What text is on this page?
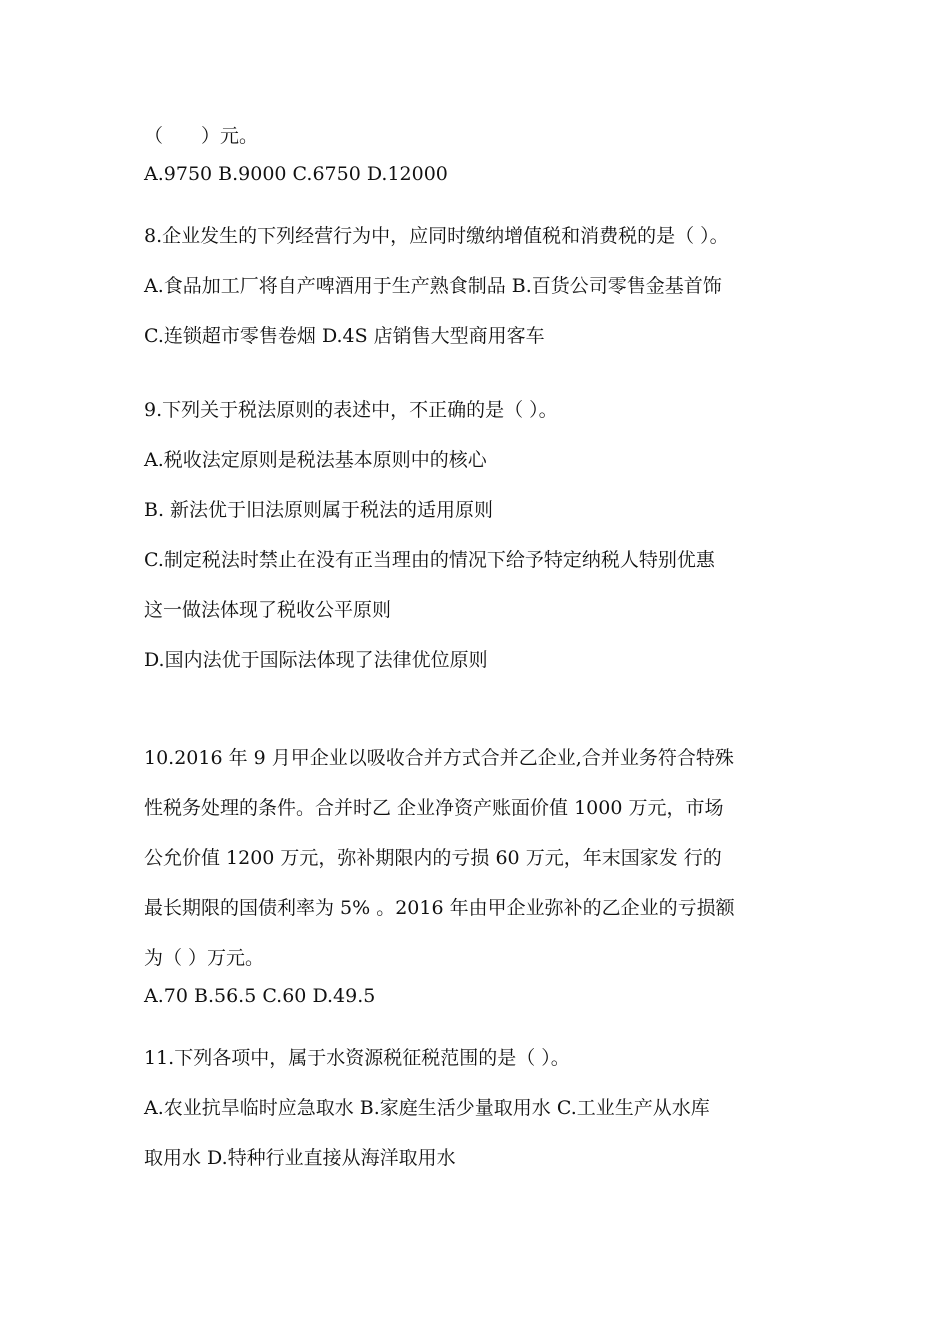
（　　）元。
A.9750 B.9000 C.6750 D.12000
8.企业发生的下列经营行为中，应同时缴纳增值税和消费税的是（ ）。
A.食品加工厂将自产啤酒用于生产熟食制品 B.百货公司零售金基首饰
C.连锁超市零售卷烟 D.4S 店销售大型商用客车
9.下列关于税法原则的表述中，不正确的是（ ）。
A.税收法定原则是税法基本原则中的核心
B. 新法优于旧法原则属于税法的适用原则
C.制定税法时禁止在没有正当理由的情况下给予特定纳税人特别优惠
这一做法体现了税收公平原则
D.国内法优于国际法体现了法律优位原则
10.2016 年 9 月甲企业以吸收合并方式合并乙企业,合并业务符合特殊
性税务处理的条件。合并时乙 企业净资产账面价值 1000 万元，市场
公允价值 1200 万元，弥补期限内的亏损 60 万元，年末国家发 行的
最长期限的国债利率为 5% 。2016 年由甲企业弥补的乙企业的亏损额
为（ ）万元。
A.70 B.56.5 C.60 D.49.5
11.下列各项中，属于水资源税征税范围的是（ ）。
A.农业抗旱临时应急取水 B.家庭生活少量取用水 C.工业生产从水库
取用水 D.特种行业直接从海洋取用水
